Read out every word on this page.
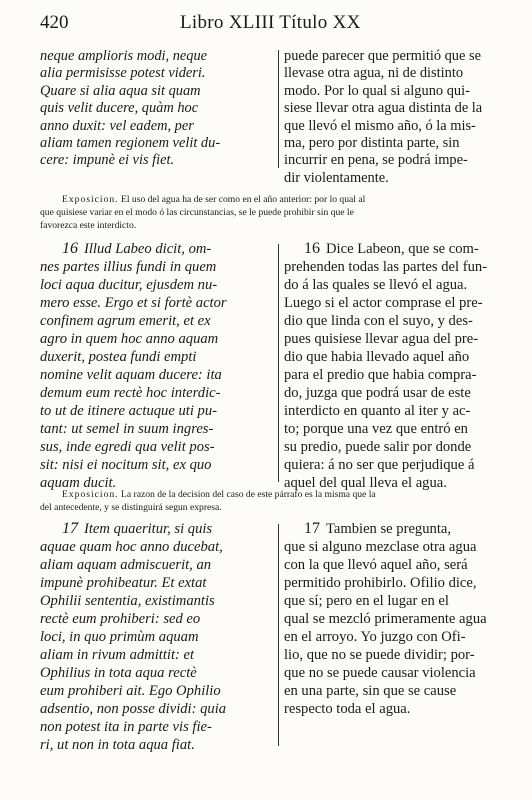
420	Libro XLIII Título XX
neque amplioris modi, neque
alia permisisse potest videri.
Quare si alia aqua sit quam
quis velit ducere, quàm hoc
anno duxit: vel eadem, per
aliam tamen regionem velit du-
cere: impunè ei vis fiet.
puede parecer que permitió que se
llevase otra agua, ni de distinto
modo. Por lo qual si alguno qui-
siese llevar otra agua distinta de la
que llevó el mismo año, ó la mis-
ma, pero por distinta parte, sin
incurrir en pena, se podrá impe-
dir violentamente.
Exposicion. El uso del agua ha de ser como en el año anterior: por lo qual al
que quisiese variar en el modo ó las circunstancias, se le puede prohibir sin que le
favorezca este interdicto.
16 Illud Labeo dicit, om-
nes partes illius fundi in quem
loci aqua ducitur, ejusdem nu-
mero esse. Ergo et si fortè actor
confinem agrum emerit, et ex
agro in quem hoc anno aquam
duxerit, postea fundi empti
nomine velit aquam ducere: ita
demum eum rectè hoc interdic-
to ut de itinere actuque uti pu-
tant: ut semel in suum ingres-
sus, inde egredi qua velit pos-
sit: nisi ei nocitum sit, ex quo
aquam ducit.
16 Dice Labeon, que se com-
prehenden todas las partes del fun-
do á las quales se llevó el agua.
Luego si el actor comprase el pre-
dio que linda con el suyo, y des-
pues quisiese llevar agua del pre-
dio que habia llevado aquel año
para el predio que habia compra-
do, juzga que podrá usar de este
interdicto en quanto al iter y ac-
to; porque una vez que entró en
su predio, puede salir por donde
quiera: á no ser que perjudique á
aquel del qual lleva el agua.
Exposicion. La razon de la decision del caso de este párrafo es la misma que la
del antecedente, y se distinguirá segun expresa.
17 Item quaeritur, si quis
aquae quam hoc anno ducebat,
aliam aquam admiscuerit, an
impunè prohibeatur. Et extat
Ophilii sententia, existimantis
rectè eum prohiberi: sed eo
loci, in quo primùm aquam
aliam in rivum admittit: et
Ophilius in tota aqua rectè
eum prohiberi ait. Ego Ophilio
adsentio, non posse dividi: quia
non potest ita in parte vis fie-
ri, ut non in tota aqua fiat.
17 Tambien se pregunta,
que si alguno mezclase otra agua
con la que llevó aquel año, será
permitido prohibirlo. Ofilio dice,
que sí; pero en el lugar en el
qual se mezcló primeramente agua
en el arroyo. Yo juzgo con Ofi-
lio, que no se puede dividir; por-
que no se puede causar violencia
en una parte, sin que se cause
respecto toda el agua.
